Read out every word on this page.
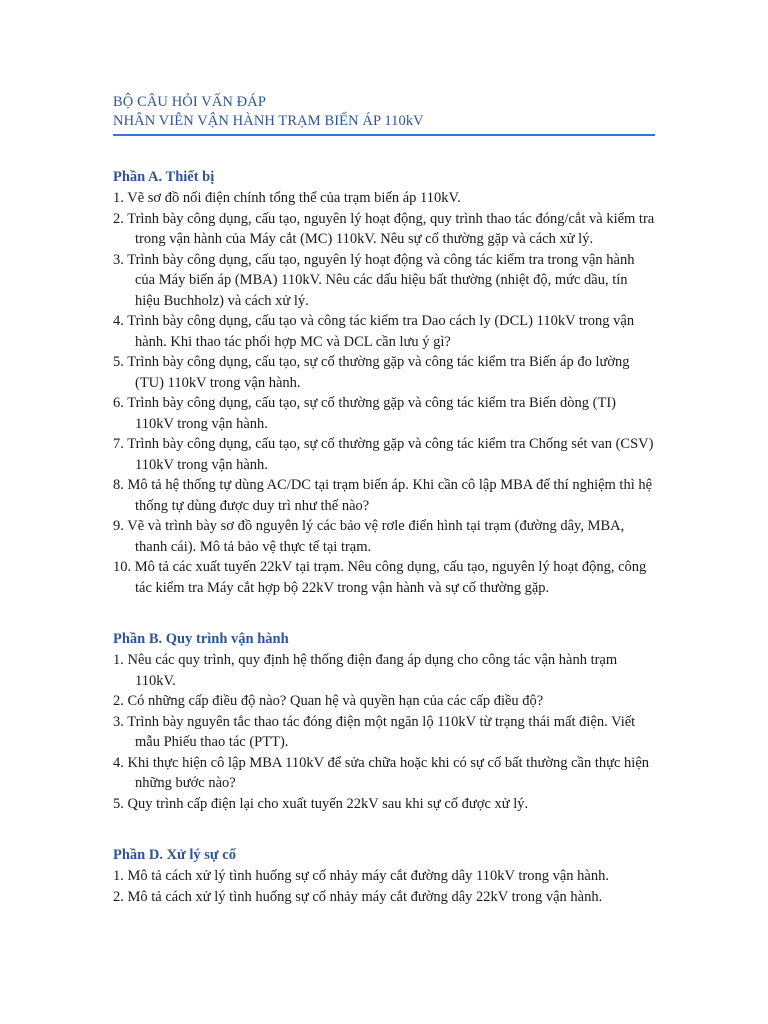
BỘ CÂU HỎI VẤN ĐÁP
NHÂN VIÊN VẬN HÀNH TRẠM BIẾN ÁP 110kV
Phần A. Thiết bị
1. Vẽ sơ đồ nối điện chính tổng thể của trạm biến áp 110kV.
2. Trình bày công dụng, cấu tạo, nguyên lý hoạt động, quy trình thao tác đóng/cắt và kiểm tra trong vận hành của Máy cắt (MC) 110kV. Nêu sự cố thường gặp và cách xử lý.
3. Trình bày công dụng, cấu tạo, nguyên lý hoạt động và công tác kiểm tra trong vận hành của Máy biến áp (MBA) 110kV. Nêu các dấu hiệu bất thường (nhiệt độ, mức dầu, tín hiệu Buchholz) và cách xử lý.
4. Trình bày công dụng, cấu tạo và công tác kiểm tra Dao cách ly (DCL) 110kV trong vận hành. Khi thao tác phối hợp MC và DCL cần lưu ý gì?
5. Trình bày công dụng, cấu tạo, sự cố thường gặp và công tác kiểm tra Biến áp đo lường (TU) 110kV trong vận hành.
6. Trình bày công dụng, cấu tạo, sự cố thường gặp và công tác kiểm tra Biến dòng (TI) 110kV trong vận hành.
7. Trình bày công dụng, cấu tạo, sự cố thường gặp và công tác kiểm tra Chống sét van (CSV) 110kV trong vận hành.
8. Mô tả hệ thống tự dùng AC/DC tại trạm biến áp. Khi cần cô lập MBA để thí nghiệm thì hệ thống tự dùng được duy trì như thế nào?
9. Vẽ và trình bày sơ đồ nguyên lý các bảo vệ rơle điển hình tại trạm (đường dây, MBA, thanh cái). Mô tả bảo vệ thực tế tại trạm.
10. Mô tả các xuất tuyến 22kV tại trạm. Nêu công dụng, cấu tạo, nguyên lý hoạt động, công tác kiểm tra Máy cắt hợp bộ 22kV trong vận hành và sự cố thường gặp.
Phần B. Quy trình vận hành
1. Nêu các quy trình, quy định hệ thống điện đang áp dụng cho công tác vận hành trạm 110kV.
2. Có những cấp điều độ nào? Quan hệ và quyền hạn của các cấp điều độ?
3. Trình bày nguyên tắc thao tác đóng điện một ngăn lộ 110kV từ trạng thái mất điện. Viết mẫu Phiếu thao tác (PTT).
4. Khi thực hiện cô lập MBA 110kV để sửa chữa hoặc khi có sự cố bất thường cần thực hiện những bước nào?
5. Quy trình cấp điện lại cho xuất tuyến 22kV sau khi sự cố được xử lý.
Phần D. Xử lý sự cố
1. Mô tả cách xử lý tình huống sự cố nhảy máy cắt đường dây 110kV trong vận hành.
2. Mô tả cách xử lý tình huống sự cố nhảy máy cắt đường dây 22kV trong vận hành.
